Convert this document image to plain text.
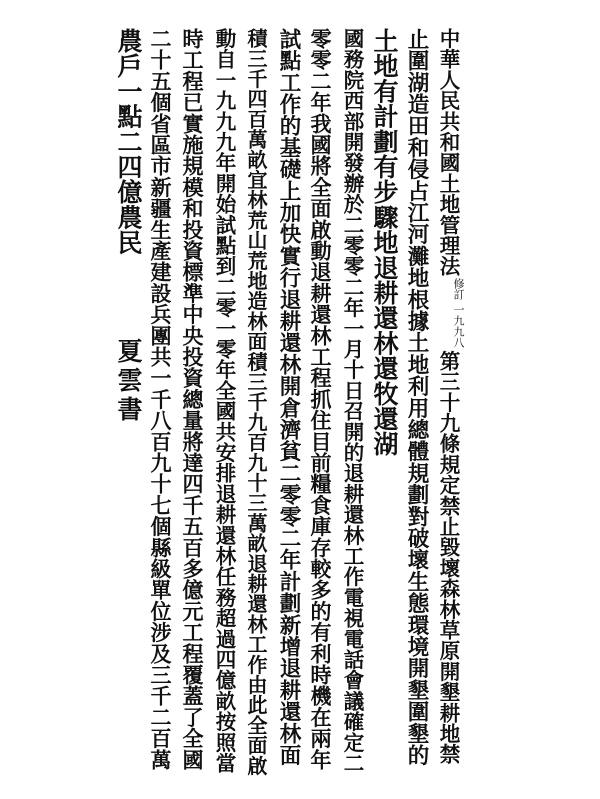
中華人民共和國土地管理法
一九九八
修訂
第三十九條規定禁止毀壞森林草原開墾耕地禁
止圍湖造田和侵占江河灘地根據土地利用總體規劃對破壞生態環境開墾圍墾的
土地有計劃有步驟地退耕還林還牧還湖
國務院西部開發辦於二零零二年一月十日召開的退耕還林工作電視電話會議確定二
零零二年我國將全面啟動退耕還林工程抓住目前糧食庫存較多的有利時機在兩年
試點工作的基礎上加快實行退耕還林開倉濟貧二零零二年計劃新增退耕還林面
積三千四百萬畝宜林荒山荒地造林面積三千九百九十三萬畝退耕還林工作由此全面啟
動自一九九九年開始試點到二零一零年全國共安排退耕還林任務超過四億畝按照當
時工程已實施規模和投資標準中央投資總量將達四千五百多億元工程覆蓋了全國
二十五個省區市新疆生產建設兵團共一千八百九十七個縣級單位涉及三千二百萬
農戶一點二四億農民
夏雲書
